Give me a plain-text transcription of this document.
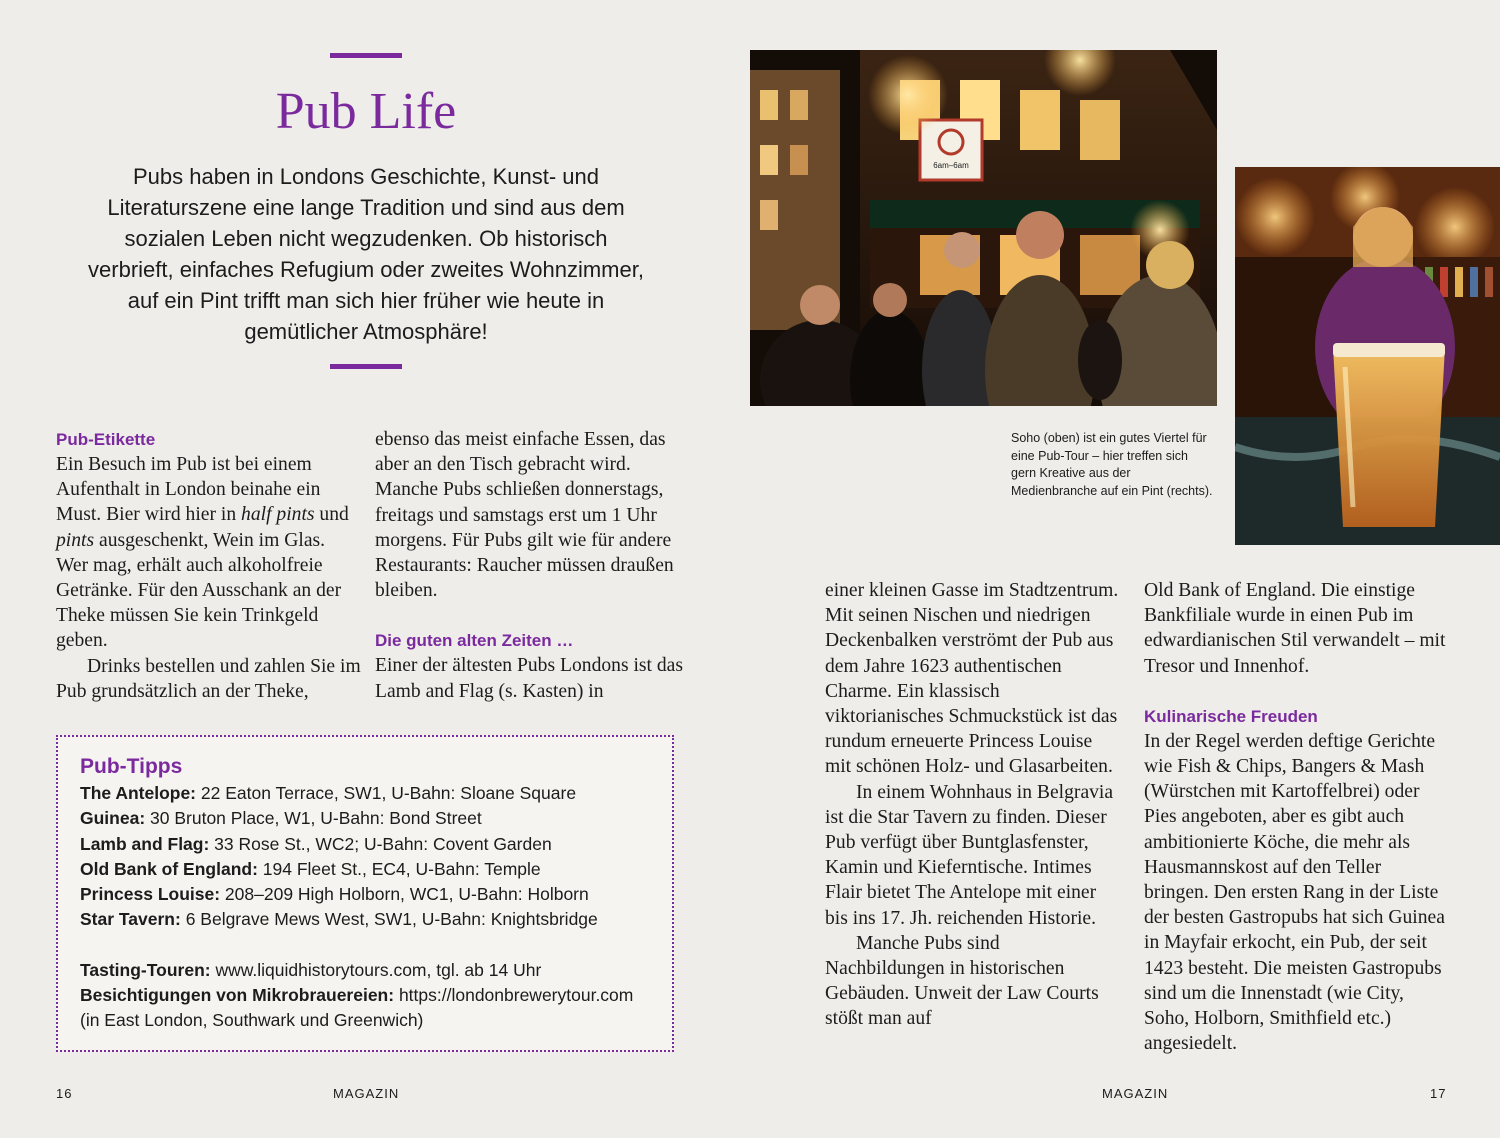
Pub Life
Pubs haben in Londons Geschichte, Kunst- und Literaturszene eine lange Tradition und sind aus dem sozialen Leben nicht wegzudenken. Ob historisch verbrieft, einfaches Refugium oder zweites Wohnzimmer, auf ein Pint trifft man sich hier früher wie heute in gemütlicher Atmosphäre!
Pub-Etikette

Ein Besuch im Pub ist bei einem Aufenthalt in London beinahe ein Must. Bier wird hier in half pints und pints ausgeschenkt, Wein im Glas. Wer mag, erhält auch alkoholfreie Getränke. Für den Ausschank an der Theke müssen Sie kein Trinkgeld geben.

Drinks bestellen und zahlen Sie im Pub grundsätzlich an der Theke,

ebenso das meist einfache Essen, das aber an den Tisch gebracht wird. Manche Pubs schließen donnerstags, freitags und samstags erst um 1 Uhr morgens. Für Pubs gilt wie für andere Restaurants: Raucher müssen draußen bleiben.

Die guten alten Zeiten …

Einer der ältesten Pubs Londons ist das Lamb and Flag (s. Kasten) in

Pub-Tipps
The Antelope: 22 Eaton Terrace, SW1, U-Bahn: Sloane Square
Guinea: 30 Bruton Place, W1, U-Bahn: Bond Street
Lamb and Flag: 33 Rose St., WC2; U-Bahn: Covent Garden
Old Bank of England: 194 Fleet St., EC4, U-Bahn: Temple
Princess Louise: 208–209 High Holborn, WC1, U-Bahn: Holborn
Star Tavern: 6 Belgrave Mews West, SW1, U-Bahn: Knightsbridge
Tasting-Touren: www.liquidhistorytours.com, tgl. ab 14 Uhr
Besichtigungen von Mikrobrauereien: https://londonbrewerytour.com (in East London, Southwark und Greenwich)
16	MAGAZIN
6am–6am
Soho (oben) ist ein gutes Viertel für eine Pub-Tour – hier treffen sich gern Kreative aus der Medienbranche auf ein Pint (rechts).

einer kleinen Gasse im Stadtzentrum. Mit seinen Nischen und niedrigen Deckenbalken verströmt der Pub aus dem Jahre 1623 authentischen Charme. Ein klassisch viktorianisches Schmuckstück ist das rundum erneuerte Princess Louise mit schönen Holz- und Glasarbeiten.

In einem Wohnhaus in Belgravia ist die Star Tavern zu finden. Dieser Pub verfügt über Buntglasfenster, Kamin und Kieferntische. Intimes Flair bietet The Antelope mit einer bis ins 17. Jh. reichenden Historie.

Manche Pubs sind Nachbildungen in historischen Gebäuden. Unweit der Law Courts stößt man auf

Old Bank of England. Die einstige Bankfiliale wurde in einen Pub im edwardianischen Stil verwandelt – mit Tresor und Innenhof.

Kulinarische Freuden

In der Regel werden deftige Gerichte wie Fish & Chips, Bangers & Mash (Würstchen mit Kartoffelbrei) oder Pies angeboten, aber es gibt auch ambitionierte Köche, die mehr als Hausmannskost auf den Teller bringen. Den ersten Rang in der Liste der besten Gastropubs hat sich Guinea in Mayfair erkocht, ein Pub, der seit 1423 besteht. Die meisten Gastropubs sind um die Innenstadt (wie City, Soho, Holborn, Smithfield etc.) angesiedelt.

MAGAZIN	17
